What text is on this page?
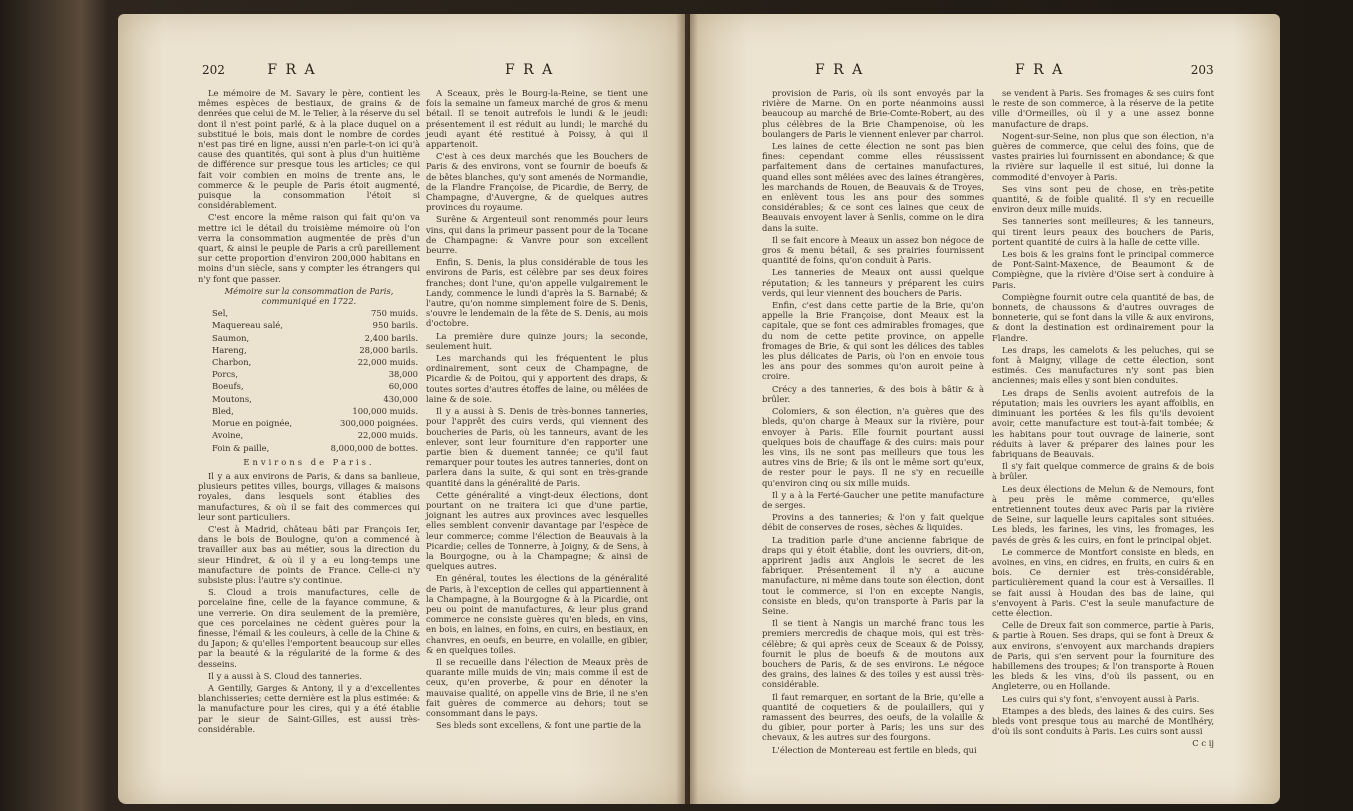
202	F R A	F R A

Le mémoire de M. Savary le père, contient les mêmes espèces de bestiaux, de grains & de denrées que celui de M. le Telier, à la réserve du sel dont il n'est point parlé, & à la place duquel on a substitué le bois, mais dont le nombre de cordes n'est pas tiré en ligne, aussi n'en parle-t-on ici qu'à cause des quantités, qui sont à plus d'un huitième de différence sur presque tous les articles; ce qui fait voir combien en moins de trente ans, le commerce & le peuple de Paris étoit augmenté, puisque la consommation l'étoit si considérablement.

C'est encore la même raison qui fait qu'on va mettre ici le détail du troisième mémoire où l'on verra la consommation augmentée de près d'un quart, & ainsi le peuple de Paris a crû pareillement sur cette proportion d'environ 200,000 habitans en moins d'un siècle, sans y compter les étrangers qui n'y font que passer.

Mémoire sur la consommation de Paris, communiqué en 1722.

Sel,	750 muids.

Maquereau salé,	950 barils.

Saumon,	2,400 barils.

Hareng,	28,000 barils.

Charbon,	22,000 muids.

Porcs,	38,000

Boeufs,	60,000

Moutons,	430,000

Bled,	100,000 muids.

Morue en poignée,	300,000 poignées.

Avoine,	22,000 muids.

Foin & paille,	8,000,000 de bottes.

Environs de Paris.

Il y a aux environs de Paris, & dans sa banlieue, plusieurs petites villes, bourgs, villages & maisons royales, dans lesquels sont établies des manufactures, & où il se fait des commerces qui leur sont particuliers.

C'est à Madrid, château bâti par François Ier, dans le bois de Boulogne, qu'on a commencé à travailler aux bas au métier, sous la direction du sieur Hindret, & où il y a eu long-temps une manufacture de points de France. Celle-ci n'y subsiste plus: l'autre s'y continue.

S. Cloud a trois manufactures, celle de porcelaine fine, celle de la fayance commune, & une verrerie. On dira seulement de la première, que ces porcelaines ne cèdent guères pour la finesse, l'émail & les couleurs, à celle de la Chine & du Japon; & qu'elles l'emportent beaucoup sur elles par la beauté & la régularité de la forme & des desseins.

Il y a aussi à S. Cloud des tanneries.

A Gentilly, Garges & Antony, il y a d'excellentes blanchisseries; cette dernière est la plus estimée: & la manufacture pour les cires, qui y a été établie par le sieur de Saint-Gilles, est aussi très-considérable.

A Sceaux, près le Bourg-la-Reine, se tient une fois la semaine un fameux marché de gros & menu bétail. Il se tenoit autrefois le lundi & le jeudi: présentement il est réduit au lundi; le marché du jeudi ayant été restitué à Poissy, à qui il appartenoit.

C'est à ces deux marchés que les Bouchers de Paris & des environs, vont se fournir de boeufs & de bêtes blanches, qu'y sont amenés de Normandie, de la Flandre Françoise, de Picardie, de Berry, de Champagne, d'Auvergne, & de quelques autres provinces du royaume.

Surêne & Argenteuil sont renommés pour leurs vins, qui dans la primeur passent pour de la Tocane de Champagne: & Vanvre pour son excellent beurre.

Enfin, S. Denis, la plus considérable de tous les environs de Paris, est célèbre par ses deux foires franches; dont l'une, qu'on appelle vulgairement le Landy, commence le lundi d'après la S. Barnabé; & l'autre, qu'on nomme simplement foire de S. Denis, s'ouvre le lendemain de la fête de S. Denis, au mois d'octobre.

La première dure quinze jours; la seconde, seulement huit.

Les marchands qui les fréquentent le plus ordinairement, sont ceux de Champagne, de Picardie & de Poitou, qui y apportent des draps, & toutes sortes d'autres étoffes de laine, ou mêlées de laine & de soie.

Il y a aussi à S. Denis de très-bonnes tanneries, pour l'apprêt des cuirs verds, qui viennent des boucheries de Paris, où les tanneurs, avant de les enlever, sont leur fourniture d'en rapporter une partie bien & duement tannée; ce qu'il faut remarquer pour toutes les autres tanneries, dont on parlera dans la suite, & qui sont en très-grande quantité dans la généralité de Paris.

Cette généralité a vingt-deux élections, dont pourtant on ne traitera ici que d'une partie, joignant les autres aux provinces avec lesquelles elles semblent convenir davantage par l'espèce de leur commerce; comme l'élection de Beauvais à la Picardie; celles de Tonnerre, à Joigny, & de Sens, à la Bourgogne, ou à la Champagne; & ainsi de quelques autres.

En général, toutes les élections de la généralité de Paris, à l'exception de celles qui appartiennent à la Champagne, à la Bourgogne & à la Picardie, ont peu ou point de manufactures, & leur plus grand commerce ne consiste guères qu'en bleds, en vins, en bois, en laines, en foins, en cuirs, en bestiaux, en chanvres, en oeufs, en beurre, en volaille, en gibier, & en quelques toiles.

Il se recueille dans l'élection de Meaux près de quarante mille muids de vin; mais comme il est de ceux, qu'en proverbe, & pour en dénoter la mauvaise qualité, on appelle vins de Brie, il ne s'en fait guères de commerce au dehors; tout se consommant dans le pays.

Ses bleds sont excellens, & font une partie de la

F R A	F R A	203

provision de Paris, où ils sont envoyés par la rivière de Marne. On en porte néanmoins aussi beaucoup au marché de Brie-Comte-Robert, au des plus célèbres de la Brie Champenoise, où les boulangers de Paris le viennent enlever par charroi.

Les laines de cette élection ne sont pas bien fines: cependant comme elles réussissent parfaitement dans de certaines manufactures, quand elles sont mêlées avec des laines étrangères, les marchands de Rouen, de Beauvais & de Troyes, en enlèvent tous les ans pour des sommes considérables; & ce sont ces laines que ceux de Beauvais envoyent laver à Senlis, comme on le dira dans la suite.

Il se fait encore à Meaux un assez bon négoce de gros & menu bétail, & ses prairies fournissent quantité de foins, qu'on conduit à Paris.

Les tanneries de Meaux ont aussi quelque réputation; & les tanneurs y préparent les cuirs verds, qui leur viennent des bouchers de Paris.

Enfin, c'est dans cette partie de la Brie, qu'on appelle la Brie Françoise, dont Meaux est la capitale, que se font ces admirables fromages, que du nom de cette petite province, on appelle fromages de Brie, & qui sont les délices des tables les plus délicates de Paris, où l'on en envoie tous les ans pour des sommes qu'on auroit peine à croire.

Crécy a des tanneries, & des bois à bâtir & à brûler.

Colomiers, & son élection, n'a guères que des bleds, qu'on charge à Meaux sur la rivière, pour envoyer à Paris. Elle fournit pourtant aussi quelques bois de chauffage & des cuirs: mais pour les vins, ils ne sont pas meilleurs que tous les autres vins de Brie; & ils ont le même sort qu'eux, de rester pour le pays. Il ne s'y en recueille qu'environ cinq ou six mille muids.

Il y a à la Ferté-Gaucher une petite manufacture de serges.

Provins a des tanneries; & l'on y fait quelque débit de conserves de roses, sèches & liquides.

La tradition parle d'une ancienne fabrique de draps qui y étoit établie, dont les ouvriers, dit-on, apprirent jadis aux Anglois le secret de les fabriquer. Présentement il n'y a aucune manufacture, ni même dans toute son élection, dont tout le commerce, si l'on en excepte Nangis, consiste en bleds, qu'on transporte à Paris par la Seine.

Il se tient à Nangis un marché franc tous les premiers mercredis de chaque mois, qui est très-célèbre; & qui après ceux de Sceaux & de Poissy, fournit le plus de boeufs & de moutons aux bouchers de Paris, & de ses environs. Le négoce des grains, des laines & des toiles y est aussi très-considérable.

Il faut remarquer, en sortant de la Brie, qu'elle a quantité de coquetiers & de poulaillers, qui y ramassent des beurres, des oeufs, de la volaille & du gibier, pour porter à Paris; les uns sur des chevaux, & les autres sur des fourgons.

L'élection de Montereau est fertile en bleds, qui

se vendent à Paris. Ses fromages & ses cuirs font le reste de son commerce, à la réserve de la petite ville d'Ormeilles, où il y a une assez bonne manufacture de draps.

Nogent-sur-Seine, non plus que son élection, n'a guères de commerce, que celui des foins, que de vastes prairies lui fournissent en abondance; & que la rivière sur laquelle il est situé, lui donne la commodité d'envoyer à Paris.

Ses vins sont peu de chose, en très-petite quantité, & de foible qualité. Il s'y en recueille environ deux mille muids.

Ses tanneries sont meilleures; & les tanneurs, qui tirent leurs peaux des bouchers de Paris, portent quantité de cuirs à la halle de cette ville.

Les bois & les grains font le principal commerce de Pont-Saint-Maxence, de Beaumont & de Compiègne, que la rivière d'Oise sert à conduire à Paris.

Compiègne fournit outre cela quantité de bas, de bonnets, de chaussons & d'autres ouvrages de bonneterie, qui se font dans la ville & aux environs, & dont la destination est ordinairement pour la Flandre.

Les draps, les camelots & les peluches, qui se font à Maigny, village de cette élection, sont estimés. Ces manufactures n'y sont pas bien anciennes; mais elles y sont bien conduites.

Les draps de Senlis avoient autrefois de la réputation; mais les ouvriers les ayant affoiblis, en diminuant les portées & les fils qu'ils devoient avoir, cette manufacture est tout-à-fait tombée; & les habitans pour tout ouvrage de lainerie, sont réduits à laver & préparer des laines pour les fabriquans de Beauvais.

Il s'y fait quelque commerce de grains & de bois à brûler.

Les deux élections de Melun & de Nemours, font à peu près le même commerce, qu'elles entretiennent toutes deux avec Paris par la rivière de Seine, sur laquelle leurs capitales sont situées. Les bleds, les farines, les vins, les fromages, les pavés de grès & les cuirs, en font le principal objet.

Le commerce de Montfort consiste en bleds, en avoines, en vins, en cidres, en fruits, en cuirs & en bois. Ce dernier est très-considérable, particulièrement quand la cour est à Versailles. Il se fait aussi à Houdan des bas de laine, qui s'envoyent à Paris. C'est la seule manufacture de cette élection.

Celle de Dreux fait son commerce, partie à Paris, & partie à Rouen. Ses draps, qui se font à Dreux & aux environs, s'envoyent aux marchands drapiers de Paris, qui s'en servent pour la fourniture des habillemens des troupes; & l'on transporte à Rouen les bleds & les vins, d'où ils passent, ou en Angleterre, ou en Hollande.

Les cuirs qui s'y font, s'envoyent aussi à Paris.

Etampes a des bleds, des laines & des cuirs. Ses bleds vont presque tous au marché de Montlhéry, d'où ils sont conduits à Paris. Les cuirs sont aussi

C c ij
